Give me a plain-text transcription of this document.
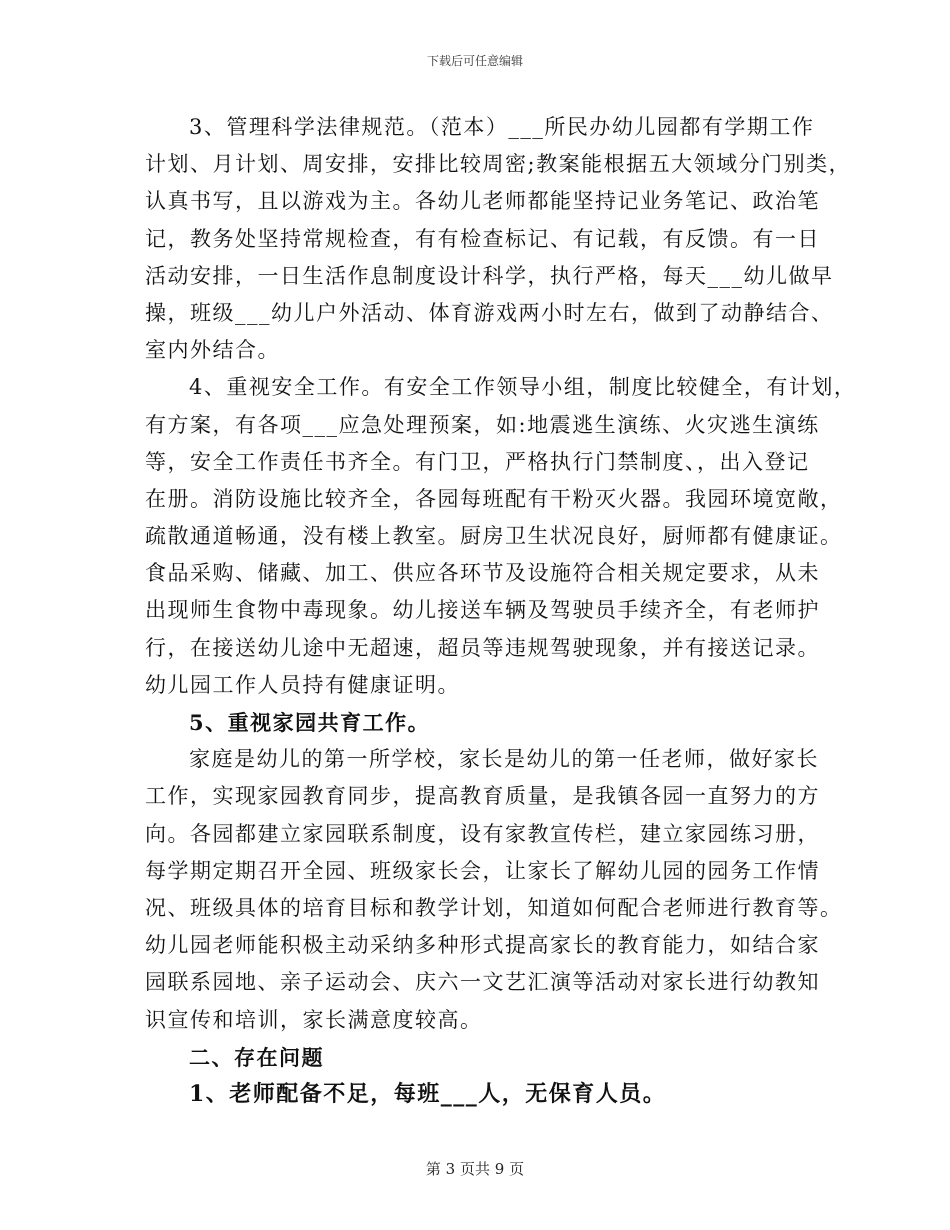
下载后可任意编辑
3、管理科学法律规范。（范本）___所民办幼儿园都有学期工作
计划、月计划、周安排，安排比较周密;教案能根据五大领域分门别类，
认真书写，且以游戏为主。各幼儿老师都能坚持记业务笔记、政治笔
记，教务处坚持常规检查，有有检查标记、有记载，有反馈。有一日
活动安排，一日生活作息制度设计科学，执行严格，每天___幼儿做早
操，班级___幼儿户外活动、体育游戏两小时左右，做到了动静结合、
室内外结合。
4、重视安全工作。有安全工作领导小组，制度比较健全，有计划，
有方案，有各项___应急处理预案，如:地震逃生演练、火灾逃生演练
等，安全工作责任书齐全。有门卫，严格执行门禁制度、，出入登记
在册。消防设施比较齐全，各园每班配有干粉灭火器。我园环境宽敞，
疏散通道畅通，没有楼上教室。厨房卫生状况良好，厨师都有健康证。
食品采购、储藏、加工、供应各环节及设施符合相关规定要求，从未
出现师生食物中毒现象。幼儿接送车辆及驾驶员手续齐全，有老师护
行，在接送幼儿途中无超速，超员等违规驾驶现象，并有接送记录。
幼儿园工作人员持有健康证明。
5、重视家园共育工作。
家庭是幼儿的第一所学校，家长是幼儿的第一任老师，做好家长
工作，实现家园教育同步，提高教育质量，是我镇各园一直努力的方
向。各园都建立家园联系制度，设有家教宣传栏，建立家园练习册，
每学期定期召开全园、班级家长会，让家长了解幼儿园的园务工作情
况、班级具体的培育目标和教学计划，知道如何配合老师进行教育等。
幼儿园老师能积极主动采纳多种形式提高家长的教育能力，如结合家
园联系园地、亲子运动会、庆六一文艺汇演等活动对家长进行幼教知
识宣传和培训，家长满意度较高。
二、存在问题
1、老师配备不足，每班___人，无保育人员。
第 3 页共 9 页
